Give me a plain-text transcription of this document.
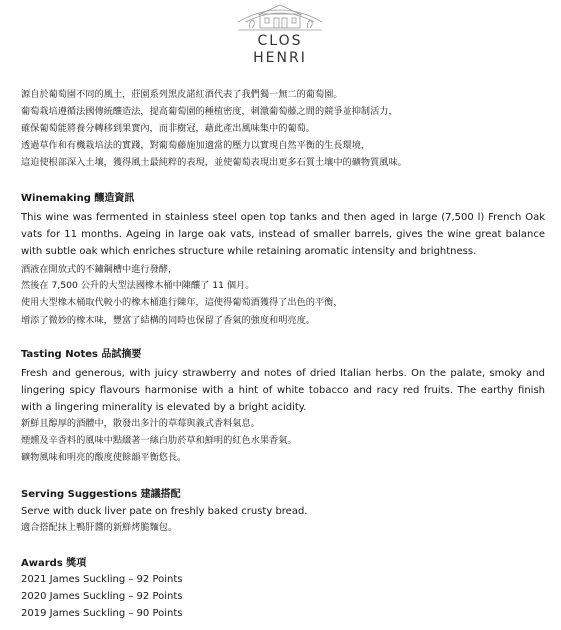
CLOS
HENRI
源自於葡萄園不同的風土，莊園系列黑皮諾紅酒代表了我們獨一無二的葡萄園。
葡萄栽培遵循法國傳統釀造法，提高葡萄園的種植密度，刺激葡萄藤之間的競爭並抑制活力，
確保葡萄能將養分轉移到果實內，而非樹冠，藉此產出風味集中的葡萄。
透過草作和有機栽培法的實踐，對葡萄藤施加適當的壓力以實現自然平衡的生長環境，
這迫使根部深入土壤，獲得風土最純粹的表現，並使葡萄表現出更多石質土壤中的礦物質風味。
Winemaking 釀造資訊
This wine was fermented in stainless steel open top tanks and then aged in large (7,500 l) French Oak vats for 11 months. Ageing in large oak vats, instead of smaller barrels, gives the wine great balance with subtle oak which enriches structure while retaining aromatic intensity and brightness.
酒液在開放式的不鏽鋼槽中進行發酵，
然後在 7,500 公升的大型法國橡木桶中陳釀了 11 個月。
使用大型橡木桶取代較小的橡木桶進行陳年，這使得葡萄酒獲得了出色的平衡，
增添了微妙的橡木味，豐富了結構的同時也保留了香氣的強度和明亮度。
Tasting Notes 品試摘要
Fresh and generous, with juicy strawberry and notes of dried Italian herbs. On the palate, smoky and lingering spicy flavours harmonise with a hint of white tobacco and racy red fruits. The earthy finish with a lingering minerality is elevated by a bright acidity.
新鮮且醇厚的酒體中，散發出多汁的草莓與義式香料氣息。
煙燻及辛香料的風味中點綴著一絲白肋菸草和鮮明的紅色水果香氣。
礦物風味和明亮的酸度使餘韻平衡悠長。
Serving Suggestions 建議搭配
Serve with duck liver pate on freshly baked crusty bread.
適合搭配抹上鴨肝醬的新鮮烤脆麵包。
Awards 獎項
2021 James Suckling – 92 Points
2020 James Suckling – 92 Points
2019 James Suckling – 90 Points
